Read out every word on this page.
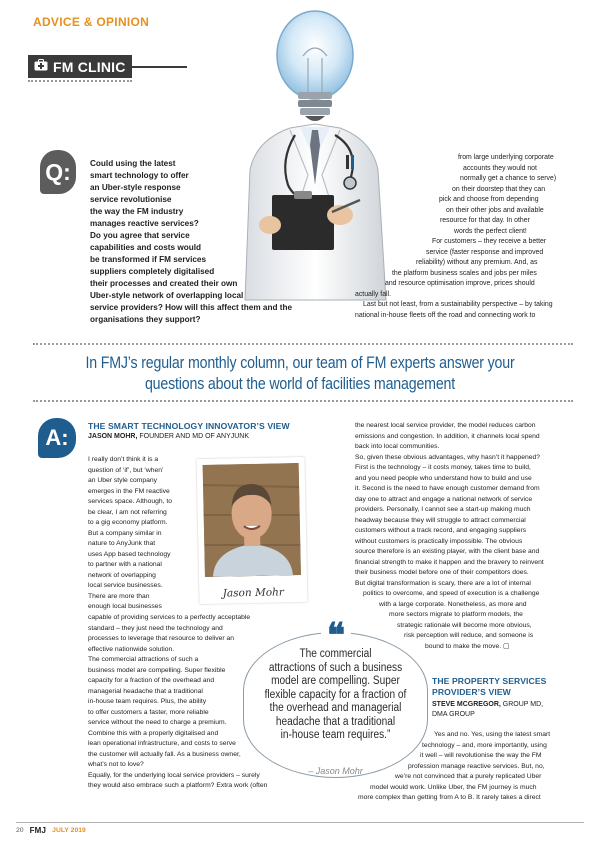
ADVICE & OPINION
FM CLINIC
Q:	Could using the latest
smart technology to offer
an Uber-style response
service revolutionise
the way the FM industry
manages reactive services?
Do you agree that service
capabilities and costs would
be transformed if FM services
suppliers completely digitalised
their processes and created their own
Uber-style network of overlapping local
service providers? How will this affect them and the
organisations they support?
from large underlying corporate
accounts they would not
normally get a chance to serve)
on their doorstep that they can
pick and choose from depending
on their other jobs and available
resource for that day. In other
words the perfect client!
For customers – they receive a better
service (faster response and improved
reliability) without any premium. And, as
the platform business scales and jobs per miles
and resource optimisation improve, prices should
actually fall.
Last but not least, from a sustainability perspective – by taking
national in-house fleets off the road and connecting work to
In FMJ’s regular monthly column, our team of FM experts answer your
questions about the world of facilities management
A:	THE SMART TECHNOLOGY INNOVATOR’S VIEW
JASON MOHR, FOUNDER AND MD OF ANYJUNK
I really don’t think it is a
question of ‘if’, but ‘when’
an Uber style company
emerges in the FM reactive
services space. Although, to
be clear, I am not referring
to a gig economy platform.
But a company similar in
nature to AnyJunk that
uses App based technology
to partner with a national
network of overlapping
local service businesses.
There are more than
enough local businesses
Jason Mohr
capable of providing services to a perfectly acceptable
standard – they just need the technology and
processes to leverage that resource to deliver an
effective nationwide solution.
The commercial attractions of such a
business model are compelling. Super flexible
capacity for a fraction of the overhead and
managerial headache that a traditional
in-house team requires. Plus, the ability
to offer customers a faster, more reliable
service without the need to charge a premium.
Combine this with a properly digitalised and
lean operational infrastructure, and costs to serve
the customer will actually fall. As a business owner,
what’s not to love?
Equally, for the underlying local service providers – surely
they would also embrace such a platform? Extra work (often
the nearest local service provider, the model reduces carbon
emissions and congestion. In addition, it channels local spend
back into local communities.
So, given these obvious advantages, why hasn’t it happened?
First is the technology – it costs money, takes time to build,
and you need people who understand how to build and use
it. Second is the need to have enough customer demand from
day one to attract and engage a national network of service
providers. Personally, I cannot see a start-up making much
headway because they will struggle to attract commercial
customers without a track record, and engaging suppliers
without customers is practically impossible. The obvious
source therefore is an existing player, with the client base and
financial strength to make it happen and the bravery to reinvent
their business model before one of their competitors does.
But digital transformation is scary, there are a lot of internal
politics to overcome, and speed of execution is a challenge
with a large corporate. Nonetheless, as more and
more sectors migrate to platform models, the
strategic rationale will become more obvious,
risk perception will reduce, and someone is
bound to make the move. ▢
THE PROPERTY SERVICES
PROVIDER’S VIEW
STEVE MCGREGOR, GROUP MD,
DMA GROUP
Yes and no. Yes, using the latest smart
technology – and, more importantly, using
it well – will revolutionise the way the FM
profession manage reactive services. But, no,
we’re not convinced that a purely replicated Uber
model would work. Unlike Uber, the FM journey is much
more complex than getting from A to B. It rarely takes a direct
❝
The commercial
attractions of such a business
model are compelling. Super
flexible capacity for a fraction of
the overhead and managerial
headache that a traditional
in-house team requires.”
– Jason Mohr
20 FMJ JULY 2019
